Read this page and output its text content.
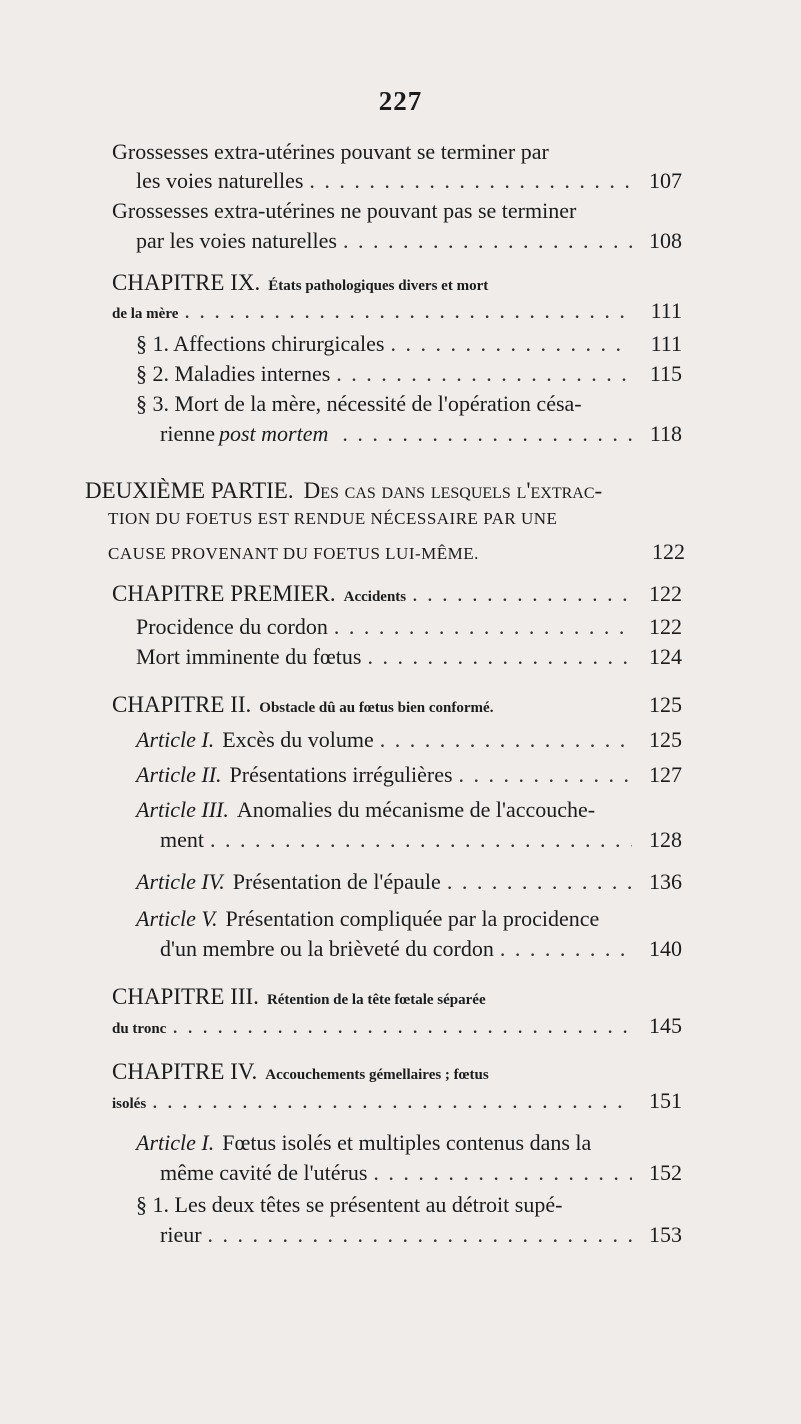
227
Grossesses extra-utérines pouvant se terminer par
les voies naturelles . . .	107
Grossesses extra-utérines ne pouvant pas se terminer
par les voies naturelles . . .	108
CHAPITRE IX. États pathologiques divers et mort
de la mère . . .	111
§ 1. Affections chirurgicales . . .	111
§ 2. Maladies internes . . .	115
§ 3. Mort de la mère, nécessité de l'opération césa-
rienne post mortem . . .	118
DEUXIÈME PARTIE. Des cas dans lesquels l'extrac-
TION DU FOETUS EST RENDUE NÉCESSAIRE PAR UNE
CAUSE PROVENANT DU FOETUS LUI-MÊME.	122
CHAPITRE PREMIER. Accidents . . .	122
Procidence du cordon . . .	122
Mort imminente du fœtus . . .	124
CHAPITRE II. Obstacle dû au fœtus bien conformé.	125
Article I. Excès du volume . . .	125
Article II. Présentations irrégulières . . .	127
Article III. Anomalies du mécanisme de l'accouche-
ment . . .	128
Article IV. Présentation de l'épaule . . .	136
Article V. Présentation compliquée par la procidence
d'un membre ou la brièveté du cordon . . .	140
CHAPITRE III. Rétention de la tête fœtale séparée
du tronc . . .	145
CHAPITRE IV. Accouchements gémellaires ; fœtus
isolés . . .	151
Article I. Fœtus isolés et multiples contenus dans la
même cavité de l'utérus . . .	152
§ 1. Les deux têtes se présentent au détroit supé-
rieur . . .	153
